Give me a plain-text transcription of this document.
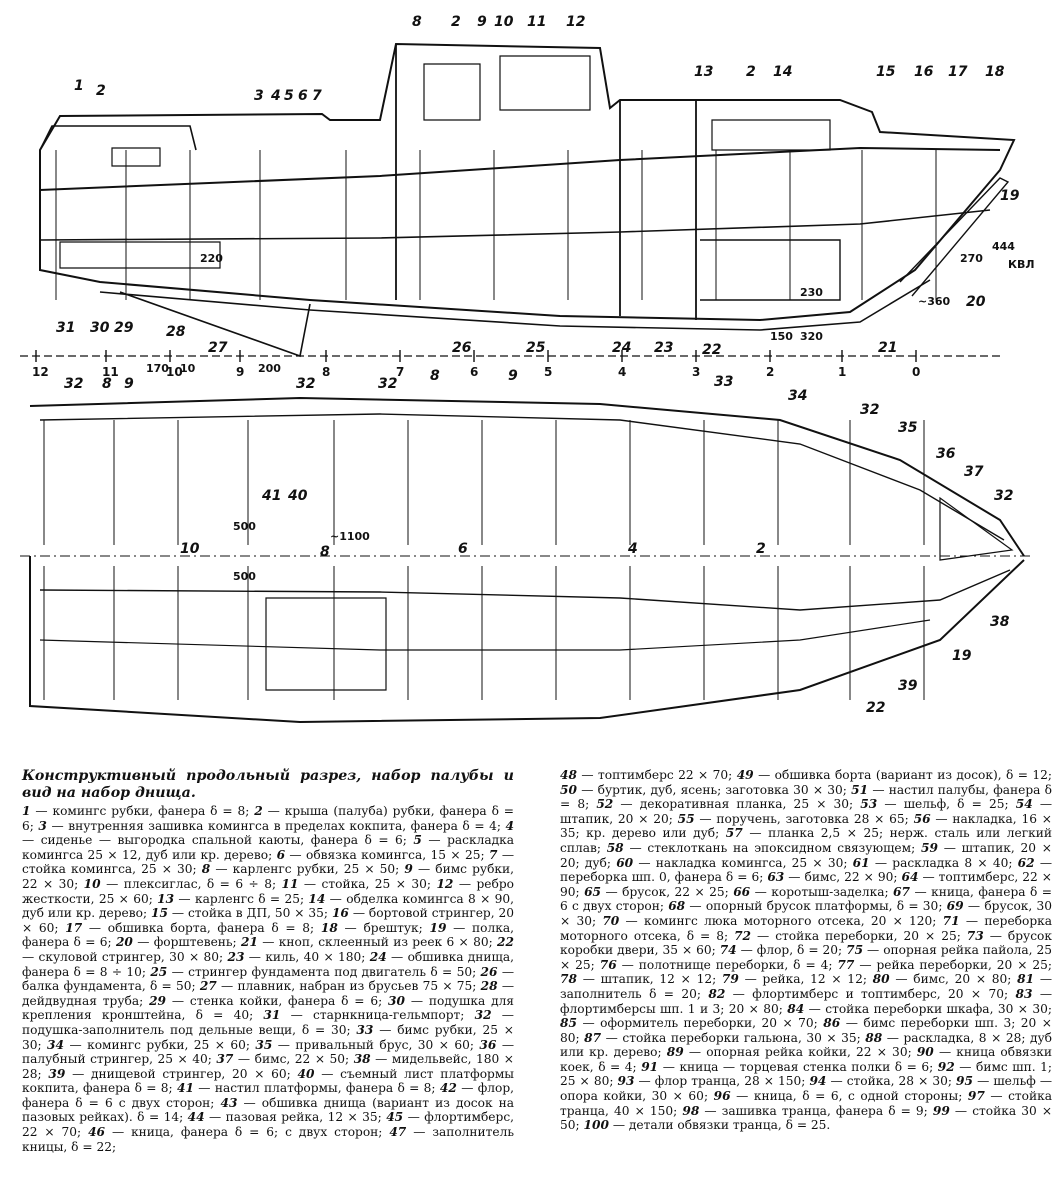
12	11	10	9	8	7	6	5	4	3	2	1	0
1 2	3 4 5 6 7
8 2 9 10 11 12
13 2 14	15 16 17 18
19
20
21
22
23
24
25
26
27
28
29
30
31
220
444
270 КВЛ
230
~360
150 320
170 10	200
500
500
~1100
32 8 9	32	32 8	9	33
34
32
35
36
37
32
41 40
10	6	4	2
8
38
19
39
22
Конструктивный продольный разрез, набор палубы и вид на набор днища.
1 — комингс рубки, фанера δ = 8; 2 — крыша (палуба) рубки, фанера δ = 6; 3 — внутренняя зашивка комингса в пределах кокпита, фанера δ = 4; 4 — сиденье — выгородка спальной каюты, фанера δ = 6; 5 — раскладка комингса 25 × 12, дуб или кр. дерево; 6 — обвязка комингса, 15 × 25; 7 — стойка комингса, 25 × 30; 8 — карленгс рубки, 25 × 50; 9 — бимс рубки, 22 × 30; 10 — плексиглас, δ = 6 ÷ 8; 11 — стойка, 25 × 30; 12 — ребро жесткости, 25 × 60; 13 — карленгс δ = 25; 14 — обделка комингса 8 × 90, дуб или кр. дерево; 15 — стойка в ДП, 50 × 35; 16 — бортовой стрингер, 20 × 60; 17 — обшивка борта, фанера δ = 8; 18 — брештук; 19 — полка, фанера δ = 6; 20 — форштевень; 21 — кноп, склеенный из реек 6 × 80; 22 — скуловой стрингер, 30 × 80; 23 — киль, 40 × 180; 24 — обшивка днища, фанера δ = 8 ÷ 10; 25 — стрингер фундамента под двигатель δ = 50; 26 — балка фундамента, δ = 50; 27 — плавник, набран из брусьев 75 × 75; 28 — дейдвудная труба; 29 — стенка койки, фанера δ = 6; 30 — подушка для крепления кронштейна, δ = 40; 31 — старнкница-гельмпорт; 32 — подушка-заполнитель под дельные вещи, δ = 30; 33 — бимс рубки, 25 × 30; 34 — комингс рубки, 25 × 60; 35 — привальный брус, 30 × 60; 36 — палубный стрингер, 25 × 40; 37 — бимс, 22 × 50; 38 — мидельвейс, 180 × 28; 39 — днищевой стрингер, 20 × 60; 40 — съемный лист платформы кокпита, фанера δ = 8; 41 — настил платформы, фанера δ = 8; 42 — флор, фанера δ = 6 с двух сторон; 43 — обшивка днища (вариант из досок на пазовых рейках). δ = 14; 44 — пазовая рейка, 12 × 35; 45 — флортимберс, 22 × 70; 46 — кница, фанера δ = 6; с двух сторон; 47 — заполнитель кницы, δ = 22;
48 — топтимберс 22 × 70; 49 — обшивка борта (вариант из досок), δ = 12; 50 — буртик, дуб, ясень; заготовка 30 × 30; 51 — настил палубы, фанера δ = 8; 52 — декоративная планка, 25 × 30; 53 — шельф, δ = 25; 54 — штапик, 20 × 20; 55 — поручень, заготовка 28 × 65; 56 — накладка, 16 × 35; кр. дерево или дуб; 57 — планка 2,5 × 25; нерж. сталь или легкий сплав; 58 — стеклоткань на эпоксидном связующем; 59 — штапик, 20 × 20; дуб; 60 — накладка комингса, 25 × 30; 61 — раскладка 8 × 40; 62 — переборка шп. 0, фанера δ = 6; 63 — бимс, 22 × 90; 64 — топтимберс, 22 × 90; 65 — брусок, 22 × 25; 66 — коротыш-заделка; 67 — кница, фанера δ = 6 с двух сторон; 68 — опорный брусок платформы, δ = 30; 69 — брусок, 30 × 30; 70 — комингс люка моторного отсека, 20 × 120; 71 — переборка моторного отсека, δ = 8; 72 — стойка переборки, 20 × 25; 73 — брусок коробки двери, 35 × 60; 74 — флор, δ = 20; 75 — опорная рейка пайола, 25 × 25; 76 — полотнище переборки, δ = 4; 77 — рейка переборки, 20 × 25; 78 — штапик, 12 × 12; 79 — рейка, 12 × 12; 80 — бимс, 20 × 80; 81 — заполнитель δ = 20; 82 — флортимберс и топтимберс, 20 × 70; 83 — флортимберсы шп. 1 и 3; 20 × 80; 84 — стойка переборки шкафа, 30 × 30; 85 — оформитель переборки, 20 × 70; 86 — бимс переборки шп. 3; 20 × 80; 87 — стойка переборки гальюна, 30 × 35; 88 — раскладка, 8 × 28; дуб или кр. дерево; 89 — опорная рейка койки, 22 × 30; 90 — кница обвязки коек, δ = 4; 91 — кница — торцевая стенка полки δ = 6; 92 — бимс шп. 1; 25 × 80; 93 — флор транца, 28 × 150; 94 — стойка, 28 × 30; 95 — шельф — опора койки, 30 × 60; 96 — кница, δ = 6, с одной стороны; 97 — стойка транца, 40 × 150; 98 — зашивка транца, фанера δ = 9; 99 — стойка 30 × 50; 100 — детали обвязки транца, δ = 25.
